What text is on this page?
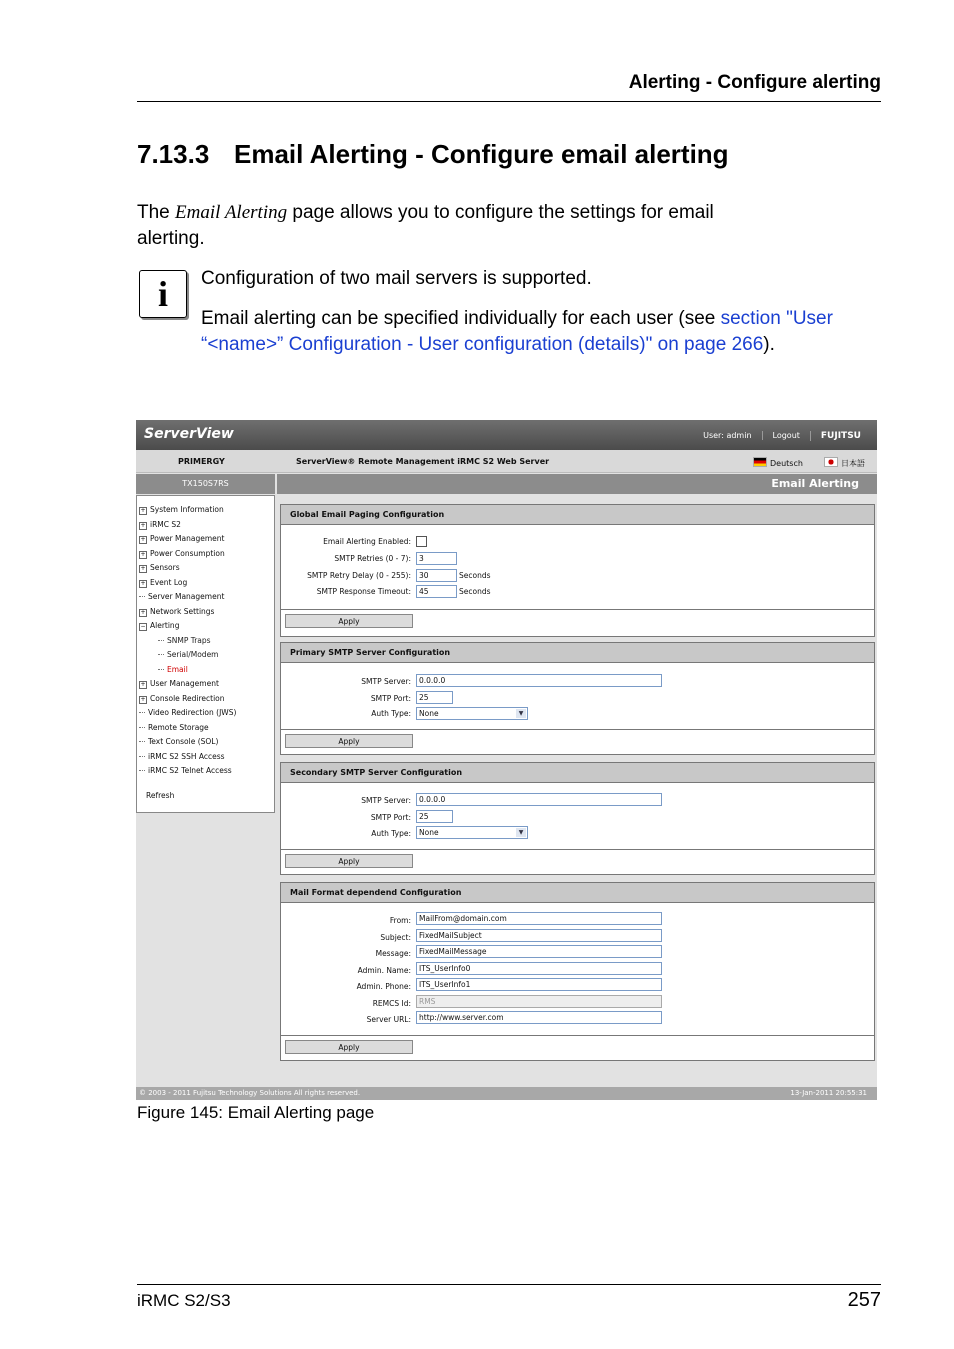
Alerting - Configure alerting
7.13.3 Email Alerting - Configure email alerting
The Email Alerting page allows you to configure the settings for email alerting.
i	Configuration of two mail servers is supported.

Email alerting can be specified individually for each user (see section "User “<name>” Configuration - User configuration (details)" on page 266).

ServerView	User: admin	Logout FUJITSU
PRIMERGY	ServerView® Remote Management iRMC S2 Web Server	Deutsch	日本語
TX150S7RS	Email Alerting
+ System Information
+ iRMC S2
+ Power Management
+ Power Consumption
+ Sensors
+ Event Log
Server Management
+ Network Settings
− Alerting
SNMP Traps
Serial/Modem
Email
+ User Management
+ Console Redirection
Video Redirection (JWS)
Remote Storage
Text Console (SOL)
iRMC S2 SSH Access
iRMC S2 Telnet Access
Refresh
Global Email Paging Configuration
Email Alerting Enabled:
SMTP Retries (0 - 7):	3
SMTP Retry Delay (0 - 255):	30	Seconds
SMTP Response Timeout:	45	Seconds
Apply
Primary SMTP Server Configuration
SMTP Server:	0.0.0.0
SMTP Port:	25
Auth Type:	None	▼
Apply
Secondary SMTP Server Configuration
SMTP Server:	0.0.0.0
SMTP Port:	25
Auth Type:	None	▼
Apply
Mail Format dependend Configuration
From:	MailFrom@domain.com
Subject:	FixedMailSubject
Message:	FixedMailMessage
Admin. Name:	ITS_UserInfo0
Admin. Phone:	ITS_UserInfo1
REMCS Id:	RMS
Server URL:	http://www.server.com
Apply
© 2003 - 2011 Fujitsu Technology Solutions All rights reserved.	13-Jan-2011 20:55:31
Figure 145: Email Alerting page
iRMC S2/S3	257
